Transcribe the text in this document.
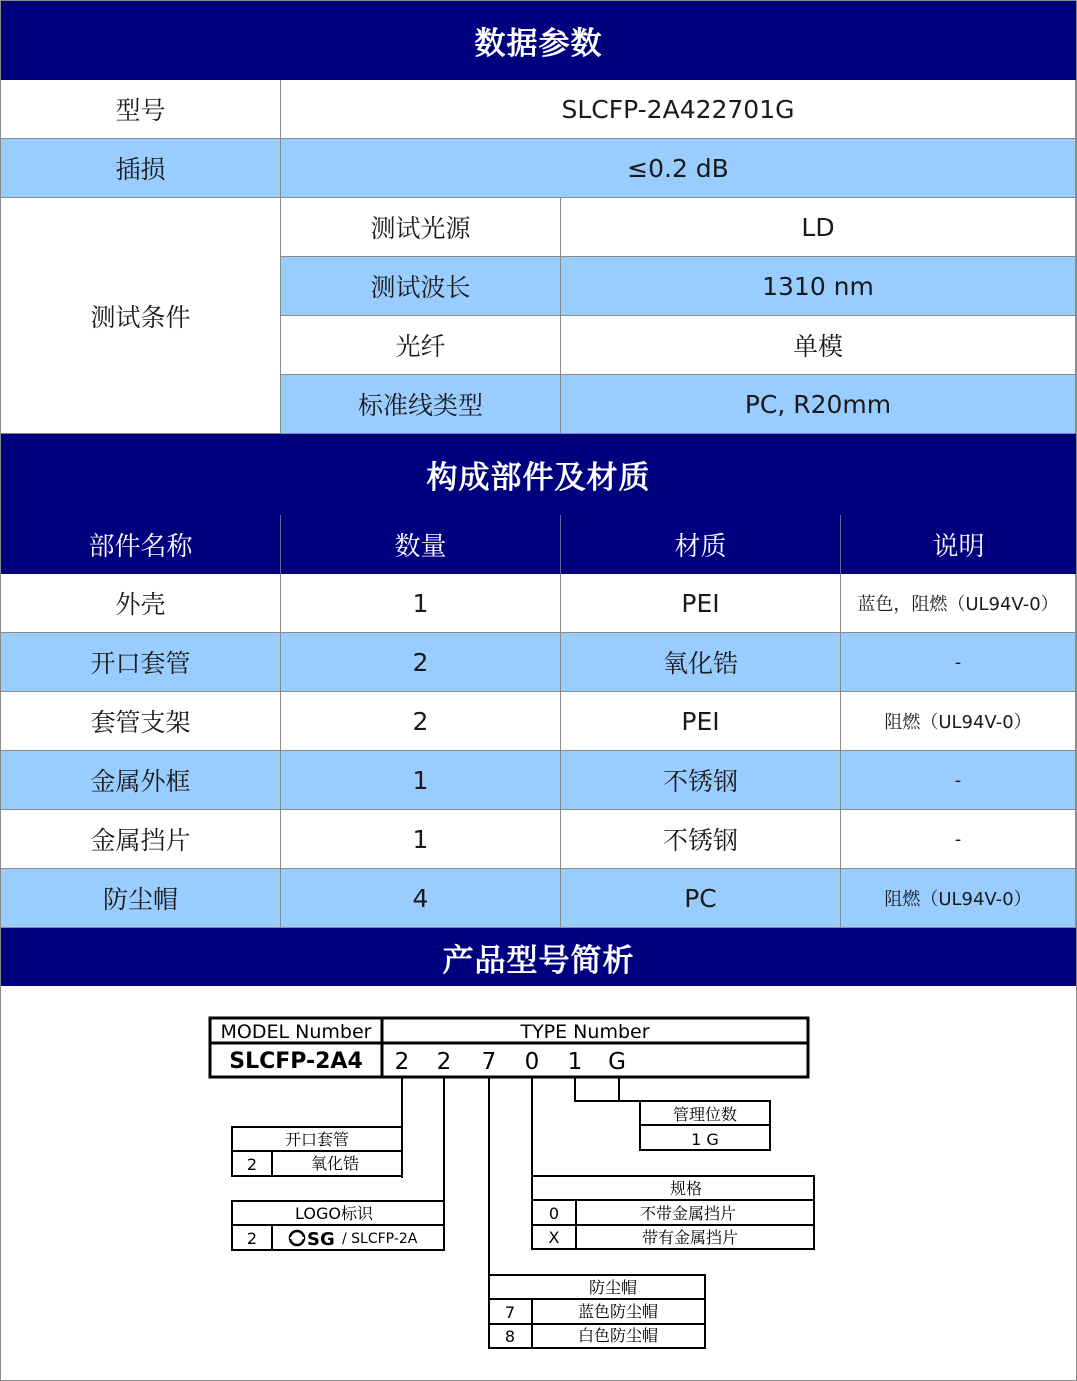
数据参数
型号	SLCFP-2A422701G
插损	≤0.2 dB
测试条件
测试光源	LD
测试波长	1310 nm
光纤	单模
标准线类型	PC, R20mm
构成部件及材质
部件名称	数量	材质	说明
外壳	1	PEI	蓝色，阻燃（UL94V-0）
开口套管	2	氧化锆	-
套管支架	2	PEI	阻燃（UL94V-0）
金属外框	1	不锈钢	-
金属挡片	1	不锈钢	-
防尘帽	4	PC	阻燃（UL94V-0）
产品型号简析
MODEL Number	TYPE Number
SLCFP-2A4 2 2 7 0 1 G
开口套管
2	氧化锆
LOGO标识
2	SG / SLCFP-2A
管理位数
1 G
规格
0	不带金属挡片
X	带有金属挡片
防尘帽
7	蓝色防尘帽
8	白色防尘帽
